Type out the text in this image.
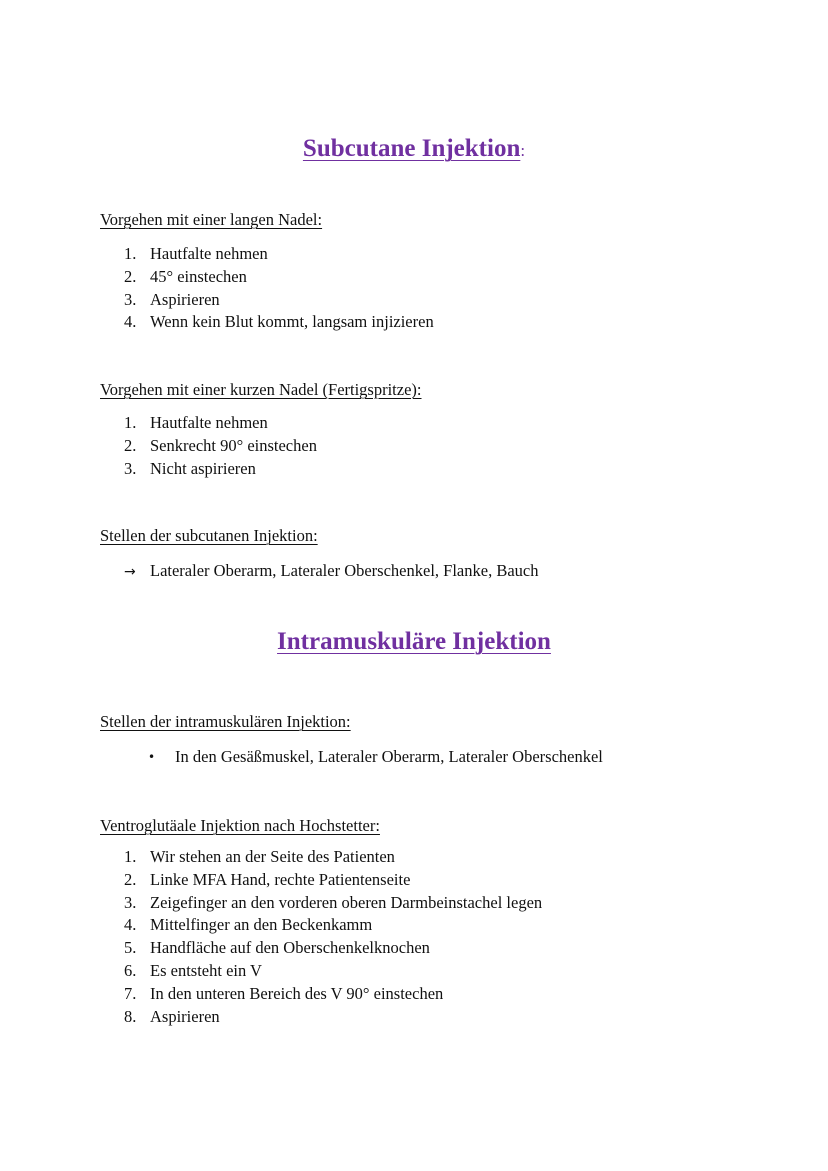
Subcutane Injektion:
Vorgehen mit einer langen Nadel:
1. Hautfalte nehmen
2. 45° einstechen
3. Aspirieren
4. Wenn kein Blut kommt, langsam injizieren
Vorgehen mit einer kurzen Nadel (Fertigspritze):
1. Hautfalte nehmen
2. Senkrecht 90° einstechen
3. Nicht aspirieren
Stellen der subcutanen Injektion:
→ Lateraler Oberarm, Lateraler Oberschenkel, Flanke, Bauch
Intramuskuläre Injektion
Stellen der intramuskulären Injektion:
• In den Gesäßmuskel, Lateraler Oberarm, Lateraler Oberschenkel
Ventroglutäale Injektion nach Hochstetter:
1. Wir stehen an der Seite des Patienten
2. Linke MFA Hand, rechte Patientenseite
3. Zeigefinger an den vorderen oberen Darmbeinstachel legen
4. Mittelfinger an den Beckenkamm
5. Handfläche auf den Oberschenkelknochen
6. Es entsteht ein V
7. In den unteren Bereich des V 90° einstechen
8. Aspirieren
